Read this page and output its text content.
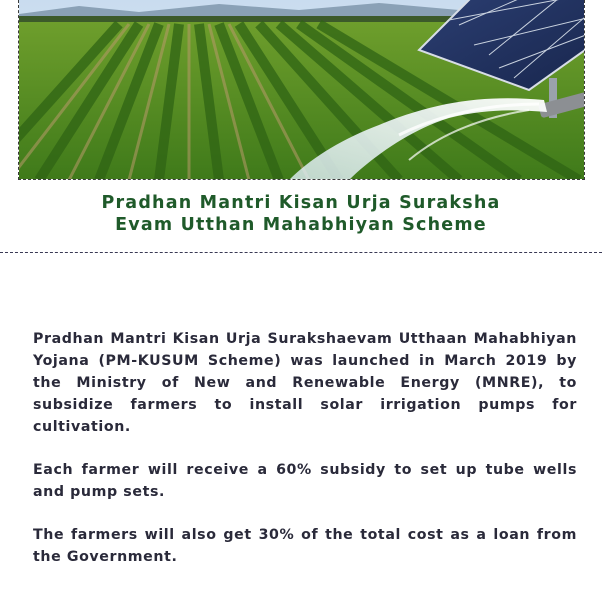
Pradhan Mantri Kisan Urja Suraksha
Evam Utthan Mahabhiyan Scheme

Pradhan Mantri Kisan Urja Surakshaevam Utthaan Mahabhiyan Yojana (PM-KUSUM Scheme) was launched in March 2019 by the Ministry of New and Renewable Energy (MNRE), to subsidize farmers to install solar irrigation pumps for cultivation.

Each farmer will receive a 60% subsidy to set up tube wells and pump sets.

The farmers will also get 30% of the total cost as a loan from the Government.
